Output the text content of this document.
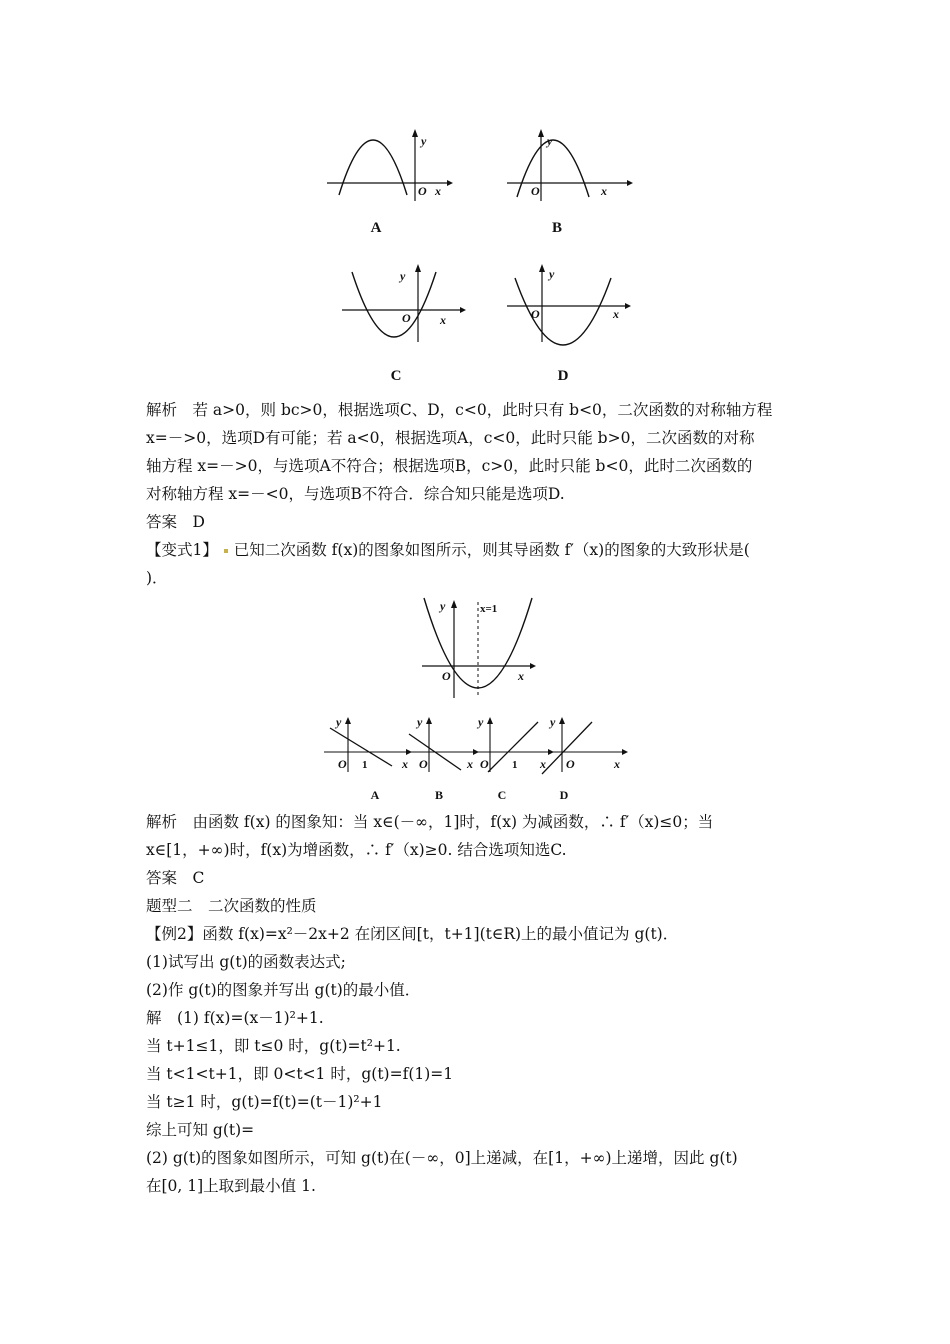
y
O x
A
y
O	x
B
y
O x
C
y
O	x
D
解析　若 a>0，则 bc>0，根据选项C、D，c<0，此时只有 b<0，二次函数的对称轴方程
x=－>0，选项D有可能；若 a<0，根据选项A，c<0，此时只能 b>0，二次函数的对称
轴方程 x=－>0，与选项A不符合；根据选项B，c>0，此时只能 b<0，此时二次函数的
对称轴方程 x=－<0，与选项B不符合．综合知只能是选项D.
答案　D
【变式1】 已知二次函数 f(x)的图象如图所示，则其导函数 f′（x)的图象的大致形状是(
)．
y	x=1
O	x
y
O 1	x
A
y
O	x
B
y
O 1 x
C
y
O	x
D
解析　由函数 f(x) 的图象知：当 x∈(－∞，1]时，f(x) 为减函数，∴ f′（x)≤0；当
x∈[1，+∞)时，f(x)为增函数，∴ f′（x)≥0. 结合选项知选C.
答案　C
题型二　二次函数的性质
【例2】函数 f(x)=x²－2x+2 在闭区间[t，t+1](t∈R)上的最小值记为 g(t)．
(1)试写出 g(t)的函数表达式;
(2)作 g(t)的图象并写出 g(t)的最小值．
解　(1) f(x)=(x－1)²+1.
当 t+1≤1，即 t≤0 时，g(t)=t²+1.
当 t<1<t+1，即 0<t<1 时，g(t)=f(1)=1
当 t≥1 时，g(t)=f(t)=(t－1)²+1
综上可知 g(t)=
(2) g(t)的图象如图所示，可知 g(t)在(－∞，0]上递减，在[1，+∞)上递增，因此 g(t)
在[0, 1]上取到最小值 1.
